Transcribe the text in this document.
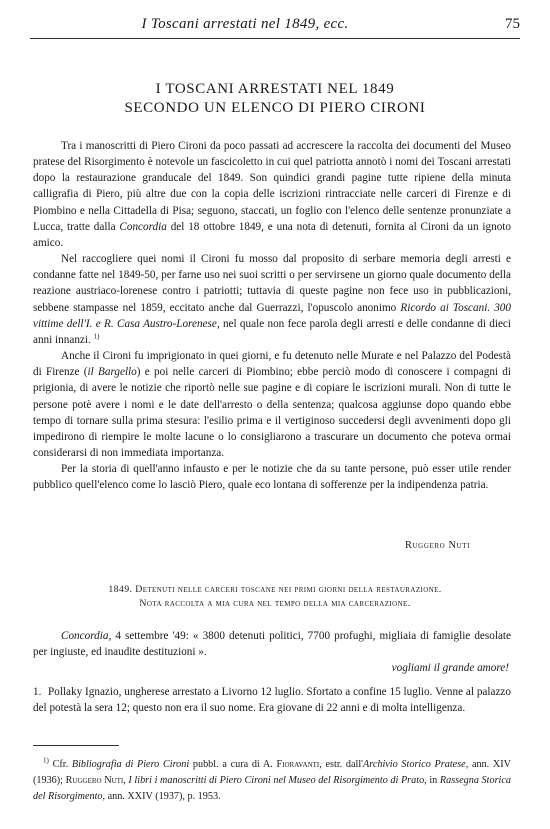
I Toscani arrestati nel 1849, ecc.	75
I TOSCANI ARRESTATI NEL 1849
SECONDO UN ELENCO DI PIERO CIRONI

Tra i manoscritti di Piero Cironi da poco passati ad accrescere la raccolta dei documenti del Museo pratese del Risorgimento è notevole un fascicoletto in cui quel patriotta annotò i nomi dei Toscani arrestati dopo la restaurazione granducale del 1849. Son quindici grandi pagine tutte ripiene della minuta calligrafia di Piero, più altre due con la copia delle iscrizioni rintracciate nelle carceri di Firenze e di Piombino e nella Cittadella di Pisa; seguono, staccati, un foglio con l'elenco delle sentenze pronunziate a Lucca, tratte dalla Concordia del 18 ottobre 1849, e una nota di detenuti, fornita al Cironi da un ignoto amico.

Nel raccogliere quei nomi il Cironi fu mosso dal proposito di serbare memoria degli arresti e condanne fatte nel 1849-50, per farne uso nei suoi scritti o per servirsene un giorno quale documento della reazione austriaco-lorenese contro i patriotti; tuttavia di queste pagine non fece uso in pubblicazioni, sebbene stampasse nel 1859, eccitato anche dal Guerrazzi, l'opuscolo anonimo Ricordo ai Toscani. 300 vittime dell'I. e R. Casa Austro-Lorenese, nel quale non fece parola degli arresti e delle condanne di dieci anni innanzi. $^{1)}$

Anche il Cironi fu imprigionato in quei giorni, e fu detenuto nelle Murate e nel Palazzo del Podestà di Firenze (il Bargello) e poi nelle carceri di Piombino; ebbe perciò modo di conoscere i compagni di prigionia, di avere le notizie che riportò nelle sue pagine e di copiare le iscrizioni murali. Non di tutte le persone potè avere i nomi e le date dell'arresto o della sentenza; qualcosa aggiunse dopo quando ebbe tempo di tornare sulla prima stesura: l'esilio prima e il vertiginoso succedersi degli avvenimenti dopo gli impedirono di riempire le molte lacune o lo consigliarono a trascurare un documento che poteva ormai considerarsi di non immediata importanza.

Per la storia di quell'anno infausto e per le notizie che da su tante persone, può esser utile render pubblico quell'elenco come lo lasciò Piero, quale eco lontana di sofferenze per la indipendenza patria.

Ruggero Nuti
1849. Detenuti nelle carceri toscane nei primi giorni della restaurazione.
Nota raccolta a mia cura nel tempo della mia carcerazione.
Concordia, 4 settembre '49: « 3800 detenuti politici, 7700 profughi, migliaia di famiglie desolate per ingiuste, ed inaudite destituzioni ».
vogliami il grande amore!
1. Pollaky Ignazio, ungherese arrestato a Livorno 12 luglio. Sfortato a confine 15 luglio. Venne al palazzo del potestà la sera 12; questo non era il suo nome. Era giovane di 22 anni e di molta intelligenza.

$^{1)}$ Cfr. Bibliografia di Piero Cironi pubbl. a cura di A. Fioravanti, estr. dall'Archivio Storico Pratese, ann. XIV (1936); Ruggero Nuti, I libri i manoscritti di Piero Cironi nel Museo del Risorgimento di Prato, in Rassegna Storica del Risorgimento, ann. XXIV (1937), p. 1953.
